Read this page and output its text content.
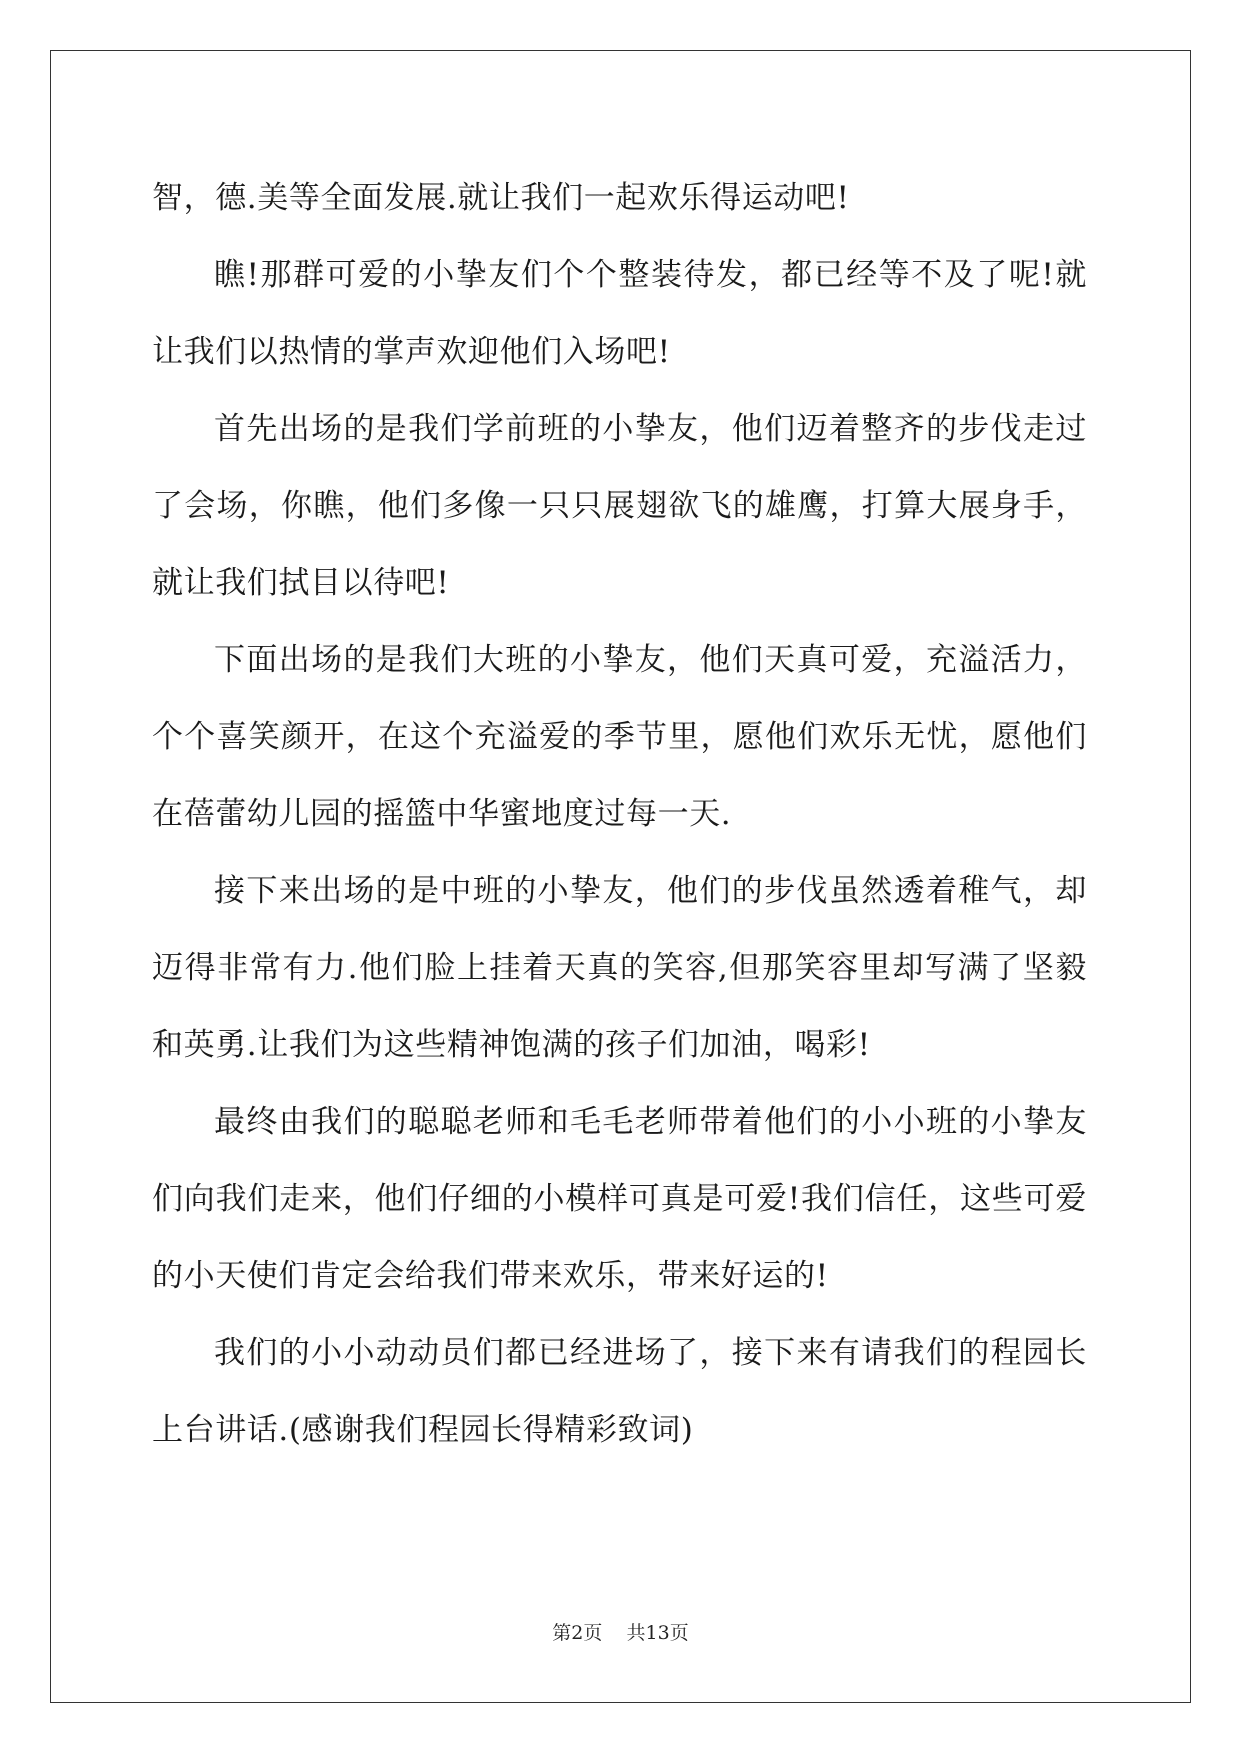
智，德.美等全面发展.就让我们一起欢乐得运动吧!

瞧!那群可爱的小挚友们个个整装待发，都已经等不及了呢!就让我们以热情的掌声欢迎他们入场吧!

首先出场的是我们学前班的小挚友，他们迈着整齐的步伐走过了会场，你瞧，他们多像一只只展翅欲飞的雄鹰，打算大展身手，就让我们拭目以待吧!

下面出场的是我们大班的小挚友，他们天真可爱，充溢活力，个个喜笑颜开，在这个充溢爱的季节里，愿他们欢乐无忧，愿他们在蓓蕾幼儿园的摇篮中华蜜地度过每一天.

接下来出场的是中班的小挚友，他们的步伐虽然透着稚气，却迈得非常有力.他们脸上挂着天真的笑容,但那笑容里却写满了坚毅和英勇.让我们为这些精神饱满的孩子们加油，喝彩!

最终由我们的聪聪老师和毛毛老师带着他们的小小班的小挚友们向我们走来，他们仔细的小模样可真是可爱!我们信任，这些可爱的小天使们肯定会给我们带来欢乐，带来好运的!

我们的小小动动员们都已经进场了，接下来有请我们的程园长上台讲话.(感谢我们程园长得精彩致词)

第2页 共13页
